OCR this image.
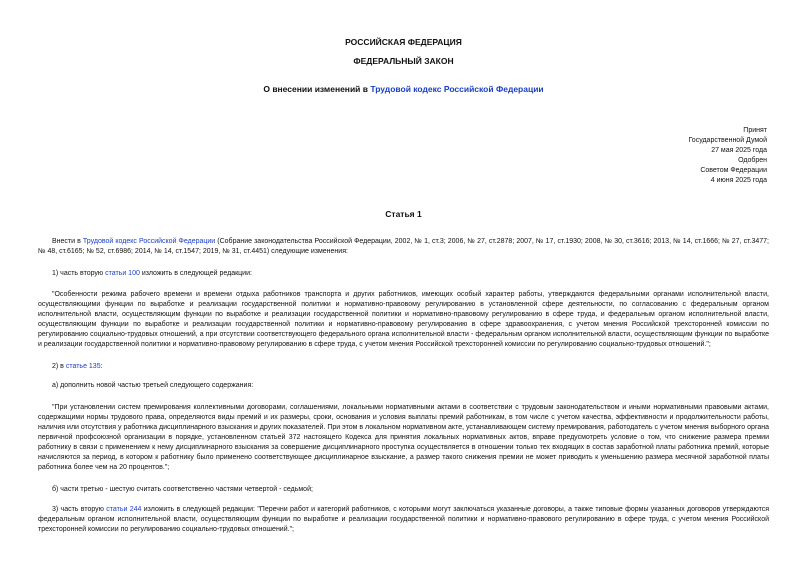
РОССИЙСКАЯ ФЕДЕРАЦИЯ
ФЕДЕРАЛЬНЫЙ ЗАКОН
О внесении изменений в Трудовой кодекс Российской Федерации
Принят
Государственной Думой
27 мая 2025 года
Одобрен
Советом Федерации
4 июня 2025 года
Статья 1
Внести в Трудовой кодекс Российской Федерации (Собрание законодательства Российской Федерации, 2002, № 1, ст.3; 2006, № 27, ст.2878; 2007, № 17, ст.1930; 2008, № 30, ст.3616; 2013, № 14, ст.1666; № 27, ст.3477; № 48, ст.6165; № 52, ст.6986; 2014, № 14, ст.1547; 2019, № 31, ст.4451) следующие изменения:
1) часть вторую статьи 100 изложить в следующей редакции:
"Особенности режима рабочего времени и времени отдыха работников транспорта и других работников, имеющих особый характер работы, утверждаются федеральными органами исполнительной власти, осуществляющими функции по выработке и реализации государственной политики и нормативно-правовому регулированию в установленной сфере деятельности, по согласованию с федеральным органом исполнительной власти, осуществляющим функции по выработке и реализации государственной политики и нормативно-правовому регулированию в сфере труда, и федеральным органом исполнительной власти, осуществляющим функции по выработке и реализации государственной политики и нормативно-правовому регулированию в сфере здравоохранения, с учетом мнения Российской трехсторонней комиссии по регулированию социально-трудовых отношений, а при отсутствии соответствующего федерального органа исполнительной власти - федеральным органом исполнительной власти, осуществляющим функции по выработке и реализации государственной политики и нормативно-правовому регулированию в сфере труда, с учетом мнения Российской трехсторонней комиссии по регулированию социально-трудовых отношений.";
2) в статье 135:
а) дополнить новой частью третьей следующего содержания:
"При установлении систем премирования коллективными договорами, соглашениями, локальными нормативными актами в соответствии с трудовым законодательством и иными нормативными правовыми актами, содержащими нормы трудового права, определяются виды премий и их размеры, сроки, основания и условия выплаты премий работникам, в том числе с учетом качества, эффективности и продолжительности работы, наличия или отсутствия у работника дисциплинарного взыскания и других показателей. При этом в локальном нормативном акте, устанавливающем систему премирования, работодатель с учетом мнения выборного органа первичной профсоюзной организации в порядке, установленном статьей 372 настоящего Кодекса для принятия локальных нормативных актов, вправе предусмотреть условие о том, что снижение размера премии работнику в связи с применением к нему дисциплинарного взыскания за совершение дисциплинарного проступка осуществляется в отношении только тех входящих в состав заработной платы работника премий, которые начисляются за период, в котором к работнику было применено соответствующее дисциплинарное взыскание, а размер такого снижения премии не может приводить к уменьшению размера месячной заработной платы работника более чем на 20 процентов.";
б) части третью - шестую считать соответственно частями четвертой - седьмой;
3) часть вторую статьи 244 изложить в следующей редакции: "Перечни работ и категорий работников, с которыми могут заключаться указанные договоры, а также типовые формы указанных договоров утверждаются федеральным органом исполнительной власти, осуществляющим функции по выработке и реализации государственной политики и нормативно-правового регулированию в сфере труда, с учетом мнения Российской трехсторонней комиссии по регулированию социально-трудовых отношений.";
